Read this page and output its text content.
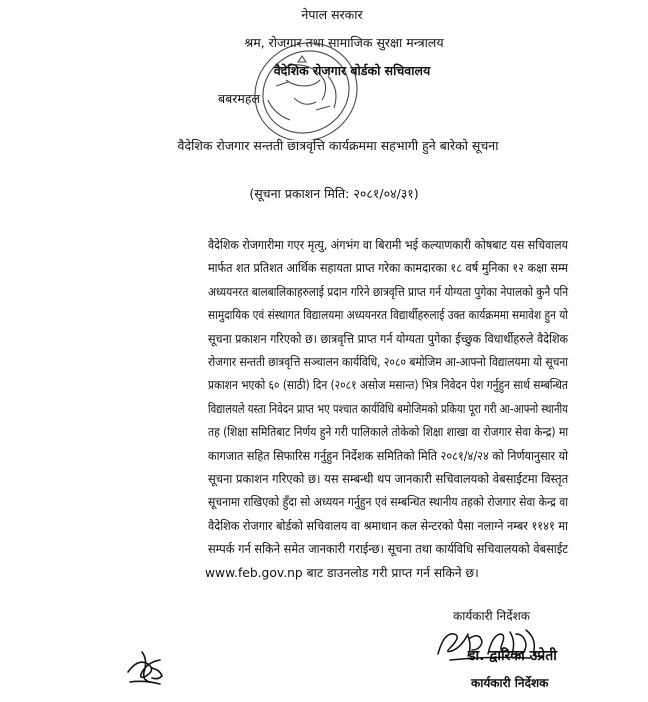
नेपाल सरकार
श्रम, रोजगार तथा सामाजिक सुरक्षा मन्त्रालय
वैदेशिक रोजगार बोर्डको सचिवालय
बबरमहल
वैदेशिक रोजगार सन्तती छात्रवृत्ति कार्यक्रममा सहभागी हुने बारेको सूचना
(सूचना प्रकाशन मिति: २०८१/०४/३१)
वैदेशिक रोजगारीमा गएर मृत्यु, अंगभंग वा बिरामी भई कल्याणकारी कोषबाट यस सचिवालय
मार्फत शत प्रतिशत आर्थिक सहायता प्राप्त गरेका कामदारका १८ वर्ष मुनिका १२ कक्षा सम्म
अध्ययनरत बालबालिकाहरुलाई प्रदान गरिने छात्रवृत्ति प्राप्त गर्न योग्यता पुगेका नेपालको कुनै पनि
सामुदायिक एवं संस्थागत विद्यालयमा अध्ययनरत विद्यार्थीहरुलाई उक्त कार्यक्रममा समावेश हुन यो
सूचना प्रकाशन गरिएको छ। छात्रवृत्ति प्राप्त गर्न योग्यता पुगेका ईच्छुक विधार्थीहरुले वैदेशिक
रोजगार सन्तती छात्रवृत्ति सञ्चालन कार्यविधि, २०८० बमोजिम आ-आफ्नो विद्यालयमा यो सूचना
प्रकाशन भएको ६० (साठी) दिन (२०८१ असोज मसान्त) भित्र निवेदन पेश गर्नुहुन सार्थ सम्बन्धित
विद्यालयले यस्ता निवेदन प्राप्त भए पश्चात कार्यविधि बमोजिमको प्रकिया पूरा गरी आ-आफ्नो स्थानीय
तह (शिक्षा समितिबाट निर्णय हुने गरी पालिकाले तोकेको शिक्षा शाखा वा रोजगार सेवा केन्द्र) मा
कागजात सहित सिफारिस गर्नुहुन निर्देशक समितिको मिति २०८१/४/२४ को निर्णयानुसार यो
सूचना प्रकाशन गरिएको छ। यस सम्बन्धी थप जानकारी सचिवालयको वेबसाईटमा विस्तृत
सूचनामा राखिएको हुँदा सो अध्ययन गर्नुहुन एवं सम्बन्धित स्थानीय तहको रोजगार सेवा केन्द्र वा
वैदेशिक रोजगार बोर्डको सचिवालय वा श्रमाधान कल सेन्टरको पैसा नलाग्ने नम्बर ११४१ मा
सम्पर्क गर्न सकिने समेत जानकारी गराईन्छ। सूचना तथा कार्यविधि सचिवालयको वेबसाईट
www.feb.gov.np बाट डाउनलोड गरी प्राप्त गर्न सकिने छ।
कार्यकारी निर्देशक
डा. द्वारिका उप्रेती
कार्यकारी निर्देशक
